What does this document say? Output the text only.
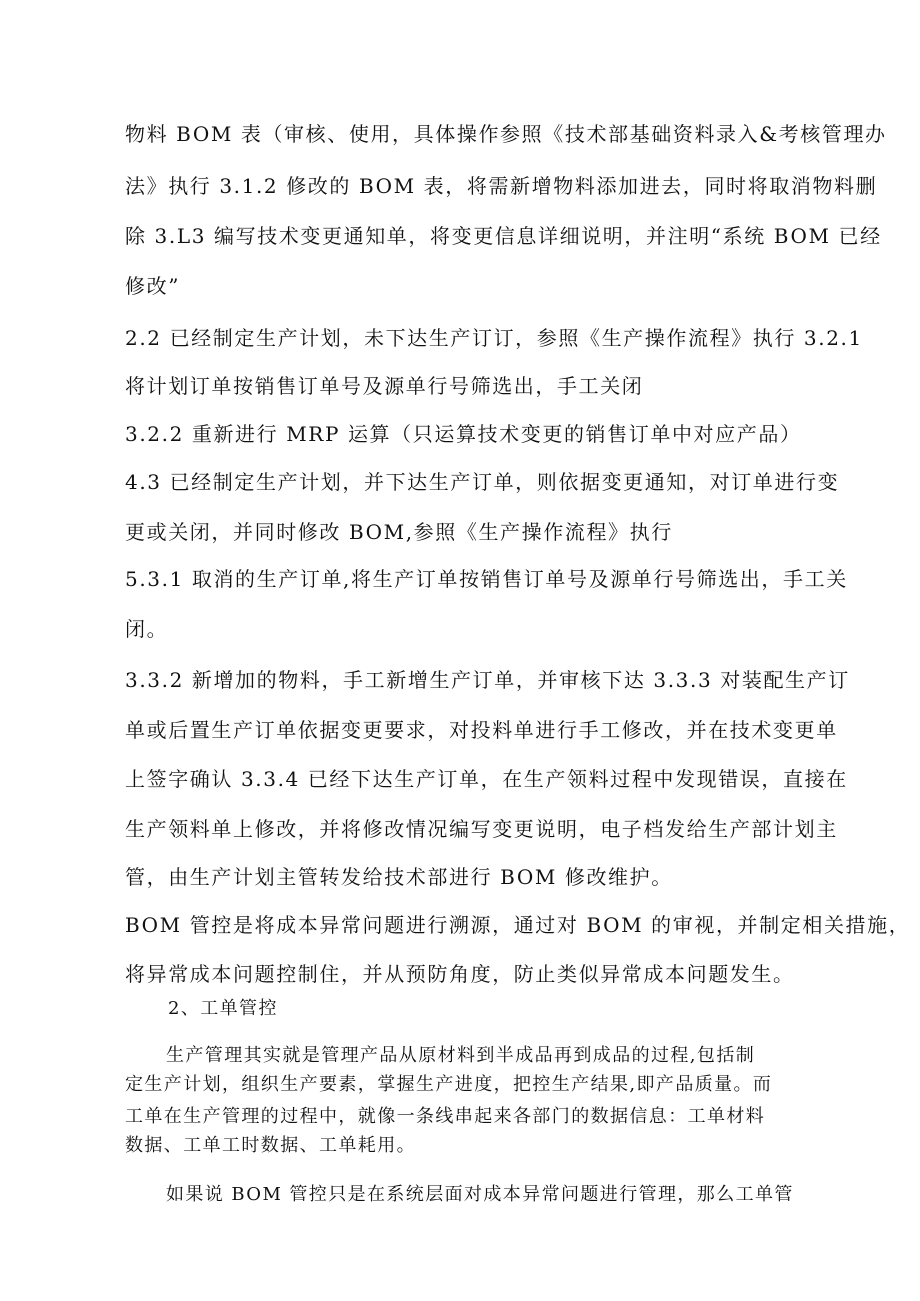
物料 BOM 表（审核、使用，具体操作参照《技术部基础资料录入&考核管理办
法》执行 3.1.2 修改的 BOM 表，将需新增物料添加进去，同时将取消物料删
除 3.L3 编写技术变更通知单，将变更信息详细说明，并注明“系统 BOM 已经
修改”
2.2 已经制定生产计划，未下达生产订订，参照《生产操作流程》执行 3.2.1
将计划订单按销售订单号及源单行号筛选出，手工关闭
3.2.2 重新进行 MRP 运算（只运算技术变更的销售订单中对应产品）
4.3 已经制定生产计划，并下达生产订单，则依据变更通知，对订单进行变
更或关闭，并同时修改 BOM,参照《生产操作流程》执行
5.3.1 取消的生产订单,将生产订单按销售订单号及源单行号筛选出，手工关
闭。
3.3.2 新增加的物料，手工新增生产订单，并审核下达 3.3.3 对装配生产订
单或后置生产订单依据变更要求，对投料单进行手工修改，并在技术变更单
上签字确认 3.3.4 已经下达生产订单，在生产领料过程中发现错误，直接在
生产领料单上修改，并将修改情况编写变更说明，电子档发给生产部计划主
管，由生产计划主管转发给技术部进行 BOM 修改维护。
BOM 管控是将成本异常问题进行溯源，通过对 BOM 的审视，并制定相关措施，
将异常成本问题控制住，并从预防角度，防止类似异常成本问题发生。
2、工单管控
生产管理其实就是管理产品从原材料到半成品再到成品的过程,包括制
定生产计划，组织生产要素，掌握生产进度，把控生产结果,即产品质量。而
工单在生产管理的过程中，就像一条线串起来各部门的数据信息：工单材料
数据、工单工时数据、工单耗用。
如果说 BOM 管控只是在系统层面对成本异常问题进行管理，那么工单管
